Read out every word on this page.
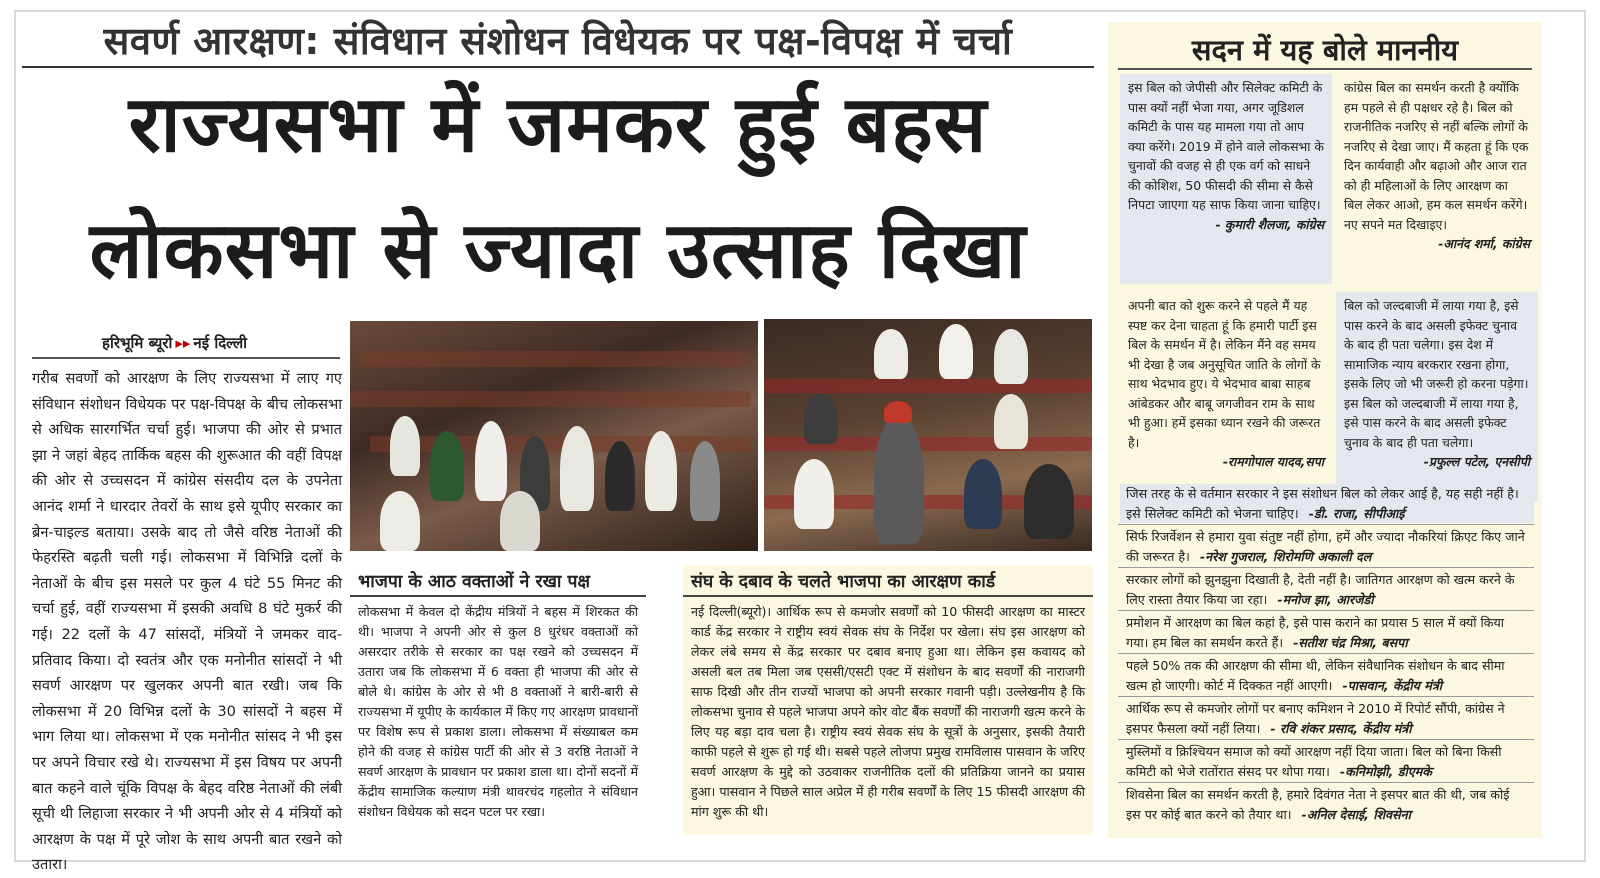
सवर्ण आरक्षण: संविधान संशोधन विधेयक पर पक्ष-विपक्ष में चर्चा
राज्यसभा में जमकर हुई बहस
लोकसभा से ज्यादा उत्साह दिखा
हरिभूमि ब्यूरो ▸▸ नई दिल्ली
गरीब सवर्णों को आरक्षण के लिए राज्यसभा में लाए गए संविधान संशोधन विधेयक पर पक्ष-विपक्ष के बीच लोकसभा से अधिक सारगर्भित चर्चा हुई। भाजपा की ओर से प्रभात झा ने जहां बेहद तार्किक बहस की शुरूआत की वहीं विपक्ष की ओर से उच्चसदन में कांग्रेस संसदीय दल के उपनेता आनंद शर्मा ने धारदार तेवरों के साथ इसे यूपीए सरकार का ब्रेन-चाइल्ड बताया। उसके बाद तो जैसे वरिष्ठ नेताओं की फेहरस्ति बढ़ती चली गई। लोकसभा में विभिन्नि दलों के नेताओं के बीच इस मसले पर कुल 4 घंटे 55 मिनट की चर्चा हुई, वहीं राज्यसभा में इसकी अवधि 8 घंटे मुकर्र की गई। 22 दलों के 47 सांसदों, मंत्रियों ने जमकर वाद-प्रतिवाद किया। दो स्वतंत्र और एक मनोनीत सांसदों ने भी सवर्ण आरक्षण पर खुलकर अपनी बात रखी। जब कि लोकसभा में 20 विभिन्न दलों के 30 सांसदों ने बहस में भाग लिया था। लोकसभा में एक मनोनीत सांसद ने भी इस पर अपने विचार रखे थे। राज्यसभा में इस विषय पर अपनी बात कहने वाले चूंकि विपक्ष के बेहद वरिष्ठ नेताओं की लंबी सूची थी लिहाजा सरकार ने भी अपनी ओर से 4 मंत्रियों को आरक्षण के पक्ष में पूरे जोश के साथ अपनी बात रखने को उतारा।
भाजपा के आठ वक्ताओं ने रखा पक्ष
लोकसभा में केवल दो केंद्रीय मंत्रियों ने बहस में शिरकत की थी। भाजपा ने अपनी ओर से कुल 8 धुरंधर वक्ताओं को असरदार तरीके से सरकार का पक्ष रखने को उच्चसदन में उतारा जब कि लोकसभा में 6 वक्ता ही भाजपा की ओर से बोले थे। कांग्रेस के ओर से भी 8 वक्ताओं ने बारी-बारी से राज्यसभा में यूपीए के कार्यकाल में किए गए आरक्षण प्रावधानों पर विशेष रूप से प्रकाश डाला। लोकसभा में संख्याबल कम होने की वजह से कांग्रेस पार्टी की ओर से 3 वरष्ठि नेताओं ने सवर्ण आरक्षण के प्रावधान पर प्रकाश डाला था। दोनों सदनों में केंद्रीय सामाजिक कल्याण मंत्री थावरचंद गहलोत ने संविधान संशोधन विधेयक को सदन पटल पर रखा।
संघ के दबाव के चलते भाजपा का आरक्षण कार्ड
नई दिल्ली(ब्यूरो)। आर्थिक रूप से कमजोर सवर्णों को 10 फीसदी आरक्षण का मास्टर कार्ड केंद्र सरकार ने राष्ट्रीय स्वयं सेवक संघ के निर्देश पर खेला। संघ इस आरक्षण को लेकर लंबे समय से केंद्र सरकार पर दबाव बनाए हुआ था। लेकिन इस कवायद को असली बल तब मिला जब एससी/एसटी एक्ट में संशोधन के बाद सवर्णों की नाराजगी साफ दिखी और तीन राज्यों भाजपा को अपनी सरकार गवानी पड़ी। उल्लेखनीय है कि लोकसभा चुनाव से पहले भाजपा अपने कोर वोट बैंक सवर्णों की नाराजगी खत्म करने के लिए यह बड़ा दाव चला है। राष्ट्रीय स्वयं सेवक संघ के सूत्रों के अनुसार, इसकी तैयारी काफी पहले से शुरू हो गई थी। सबसे पहले लोजपा प्रमुख रामविलास पासवान के जरिए सवर्ण आरक्षण के मुद्दे को उठवाकर राजनीतिक दलों की प्रतिक्रिया जानने का प्रयास हुआ। पासवान ने पिछले साल अप्रेल में ही गरीब सवर्णों के लिए 15 फीसदी आरक्षण की मांग शुरू की थी।
सदन में यह बोले माननीय
इस बिल को जेपीसी और सिलेक्ट कमिटी के पास क्यों नहीं भेजा गया, अगर जूडिशल कमिटी के पास यह मामला गया तो आप क्या करेंगे। 2019 में होने वाले लोकसभा के चुनावों की वजह से ही एक वर्ग को साधने की कोशिश, 50 फीसदी की सीमा से कैसे निपटा जाएगा यह साफ किया जाना चाहिए।
- कुमारी शैलजा, कांग्रेस
कांग्रेस बिल का समर्थन करती है क्योंकि हम पहले से ही पक्षधर रहे है। बिल को राजनीतिक नजरिए से नहीं बल्कि लोगों के नजरिए से देखा जाए। मैं कहता हूं कि एक दिन कार्यवाही और बढ़ाओ और आज रात को ही महिलाओं के लिए आरक्षण का बिल लेकर आओ, हम कल समर्थन करेंगे। नए सपने मत दिखाइए।
-आनंद शर्मा, कांग्रेस
अपनी बात को शुरू करने से पहले मैं यह स्पष्ट कर देना चाहता हूं कि हमारी पार्टी इस बिल के समर्थन में है। लेकिन मैंने वह समय भी देखा है जब अनुसूचित जाति के लोगों के साथ भेदभाव हुए। ये भेदभाव बाबा साहब आंबेडकर और बाबू जगजीवन राम के साथ भी हुआ। हमें इसका ध्यान रखने की जरूरत है।
-रामगोपाल यादव,सपा
बिल को जल्दबाजी में लाया गया है, इसे पास करने के बाद असली इफेक्ट चुनाव के बाद ही पता चलेगा। इस देश में सामाजिक न्याय बरकरार रखना होगा, इसके लिए जो भी जरूरी हो करना पड़ेगा। इस बिल को जल्दबाजी में लाया गया है, इसे पास करने के बाद असली इफेक्ट चुनाव के बाद ही पता चलेगा।
-प्रफुल्ल पटेल, एनसीपी
जिस तरह के से वर्तमान सरकार ने इस संशोधन बिल को लेकर आई है, यह सही नहीं है। इसे सिलेक्ट कमिटी को भेजना चाहिए। -डी. राजा, सीपीआई
सिर्फ रिजर्वेशन से हमारा युवा संतुष्ट नहीं होगा, हमें और ज्यादा नौकरियां क्रिएट किए जाने की जरूरत है। -नरेश गुजराल, शिरोमणि अकाली दल
सरकार लोगों को झुनझुना दिखाती है, देती नहीं है। जातिगत आरक्षण को खत्म करने के लिए रास्ता तैयार किया जा रहा। -मनोज झा, आरजेडी
प्रमोशन में आरक्षण का बिल कहां है, इसे पास कराने का प्रयास 5 साल में क्यों किया गया। हम बिल का समर्थन करते हैं। -सतीश चंद्र मिश्रा, बसपा
पहले 50% तक की आरक्षण की सीमा थी, लेकिन संवैधानिक संशोधन के बाद सीमा खत्म हो जाएगी। कोर्ट में दिक्कत नहीं आएगी। -पासवान, केंद्रीय मंत्री
आर्थिक रूप से कमजोर लोगों पर बनाए कमिशन ने 2010 में रिपोर्ट सौंपी, कांग्रेस ने इसपर फैसला क्यों नहीं लिया। - रवि शंकर प्रसाद, केंद्रीय मंत्री
मुस्लिमों व क्रिश्चियन समाज को क्यों आरक्षण नहीं दिया जाता। बिल को बिना किसी कमिटी को भेजे रातोंरात संसद पर थोपा गया। -कनिमोझी, डीएमके
शिवसेना बिल का समर्थन करती है, हमारे दिवंगत नेता ने इसपर बात की थी, जब कोई इस पर कोई बात करने को तैयार था। -अनिल देसाई, शिवसेना
